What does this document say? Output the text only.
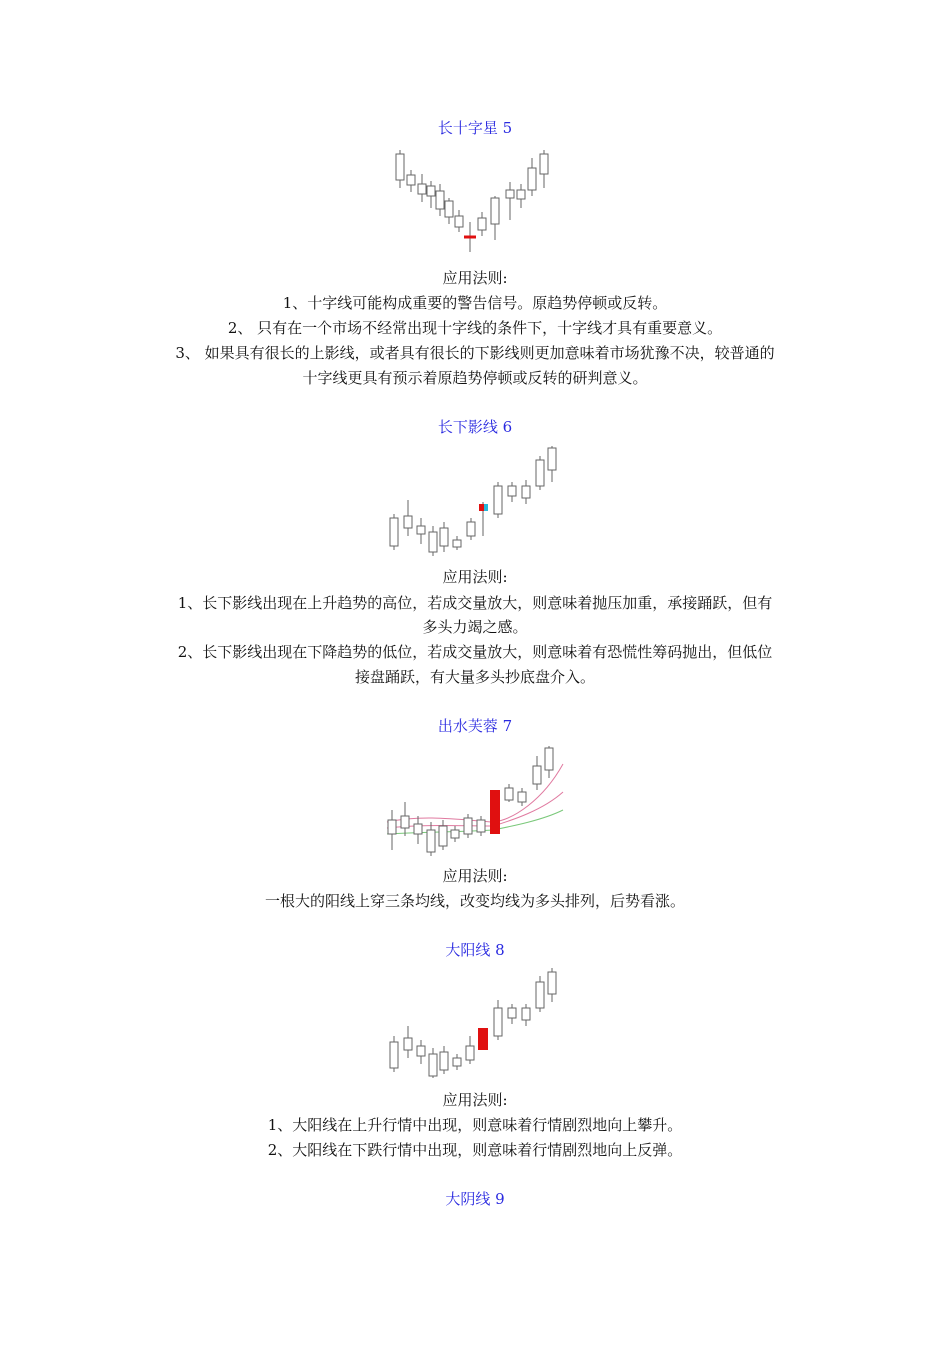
长十字星 5
应用法则:
1、十字线可能构成重要的警告信号。原趋势停顿或反转。
2、 只有在一个市场不经常出现十字线的条件下，十字线才具有重要意义。
3、 如果具有很长的上影线，或者具有很长的下影线则更加意味着市场犹豫不决，较普通的
十字线更具有预示着原趋势停顿或反转的研判意义。
长下影线 6
应用法则:
1、长下影线出现在上升趋势的高位，若成交量放大，则意味着抛压加重，承接踊跃，但有
多头力竭之感。
2、长下影线出现在下降趋势的低位，若成交量放大，则意味着有恐慌性筹码抛出，但低位
接盘踊跃，有大量多头抄底盘介入。
出水芙蓉 7
应用法则:
一根大的阳线上穿三条均线，改变均线为多头排列，后势看涨。
大阳线 8
应用法则:
1、大阳线在上升行情中出现，则意味着行情剧烈地向上攀升。
2、大阳线在下跌行情中出现，则意味着行情剧烈地向上反弹。
大阴线 9
